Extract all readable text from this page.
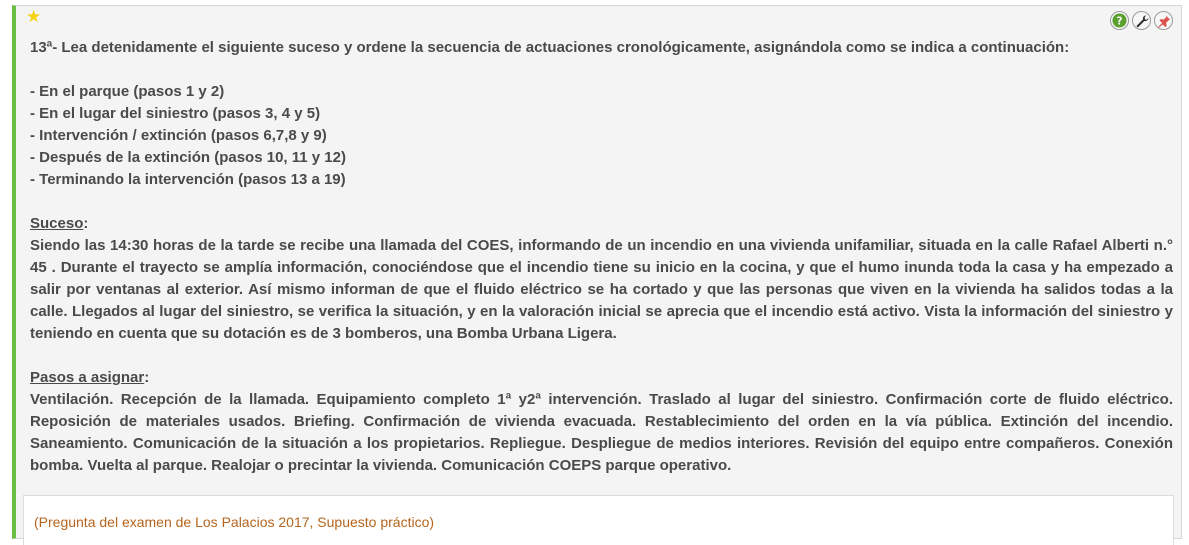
★	?

13ª- Lea detenidamente el siguiente suceso y ordene la secuencia de actuaciones cronológicamente, asignándola como se indica a continuación:

- En el parque (pasos 1 y 2)
- En el lugar del siniestro (pasos 3, 4 y 5)
- Intervención / extinción (pasos 6,7,8 y 9)
- Después de la extinción (pasos 10, 11 y 12)
- Terminando la intervención (pasos 13 a 19)

Suceso:

Siendo las 14:30 horas de la tarde se recibe una llamada del COES, informando de un incendio en una vivienda unifamiliar, situada en la calle Rafael Alberti n.° 45 . Durante el trayecto se amplía información, conociéndose que el incendio tiene su inicio en la cocina, y que el humo inunda toda la casa y ha empezado a salir por ventanas al exterior. Así mismo informan de que el fluido eléctrico se ha cortado y que las personas que viven en la vivienda ha salidos todas a la calle. Llegados al lugar del siniestro, se verifica la situación, y en la valoración inicial se aprecia que el incendio está activo. Vista la información del siniestro y teniendo en cuenta que su dotación es de 3 bomberos, una Bomba Urbana Ligera.

Pasos a asignar:

Ventilación. Recepción de la llamada. Equipamiento completo 1ª y2ª intervención. Traslado al lugar del siniestro. Confirmación corte de fluido eléctrico. Reposición de materiales usados. Briefing. Confirmación de vivienda evacuada. Restablecimiento del orden en la vía pública. Extinción del incendio. Saneamiento. Comunicación de la situación a los propietarios. Repliegue. Despliegue de medios interiores. Revisión del equipo entre compañeros. Conexión bomba. Vuelta al parque. Realojar o precintar la vivienda. Comunicación COEPS parque operativo.

(Pregunta del examen de Los Palacios 2017, Supuesto práctico)
